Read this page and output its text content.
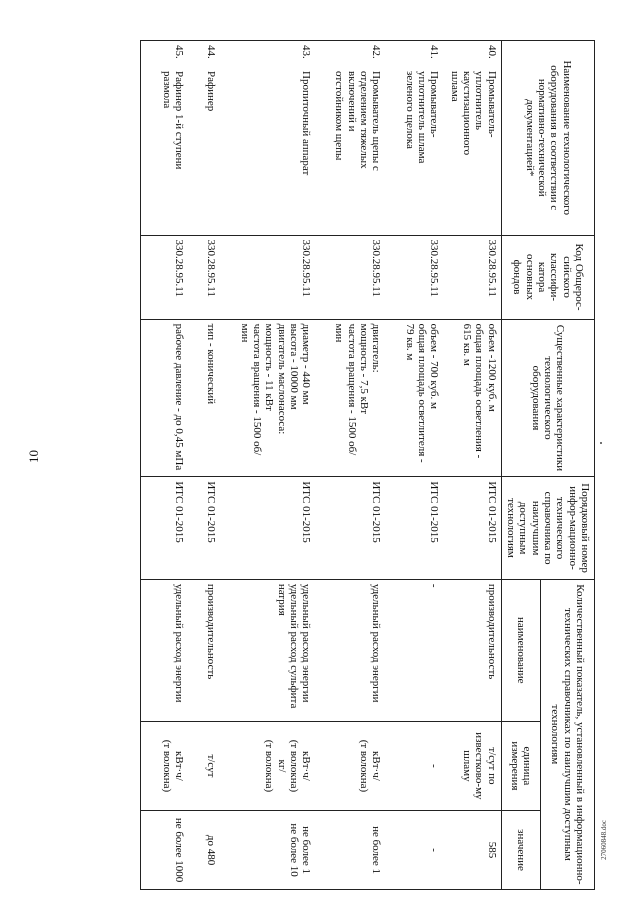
10
27060848.doc
Наименование технологического оборудования в соответствии с нормативно-технической документацией*	Код Общерос-сийского классифи-катора основных фондов	Существенные характеристики технологического оборудования	Порядковый номер инфор-мационно-технического справочника по наилучшим доступным технологиям	Количественный показатель, установленный в информационно-технических справочниках по наилучшим доступным технологиям		
				наименование	единица измерения	значение
40.Промыватель-уплотнитель каустизационного шлама	330.28.95.11	объем -1200 куб. м
общая площадь осветления - 615 кв. м	ИТС 01-2015	производительность	т/сут по известково-му шламу	585

41.Промыватель-уплотнитель шлама зеленого щелока	330.28.95.11	объем - 700 куб. м
общая площадь осветлителя - 79 кв. м	ИТС 01-2015	-	-	-

42.Промыватель щепы с отделением тяжелых включений и отстойником щепы	330.28.95.11	двигатель:
мощность - 7,5 кВт
частота вращения - 1500 об/мин	ИТС 01-2015	удельный расход энергии	кВт·ч/
(т волокна)	не более 1

43.Пропиточный аппарат	330.28.95.11	диаметр - 440 мм
высота - 10000 мм
двигатель маслонасоса:
мощность - 11 кВт
частота вращения - 1500 об/мин	ИТС 01-2015	удельный расход энергии
удельный расход сульфита натрия	кВт·ч/
(т волокна)
кг/
(т волокна)	не более 1
не более 10

44.Рафинер	330.28.95.11	тип - конический	ИТС 01-2015	производительность	т/сут	до 480

45.Рафинер 1-й ступени размола	330.28.95.11	рабочее давление - до 0,45 мПа	ИТС 01-2015	удельный расход энергии	кВт·ч/
(т волокна)	не более 1000
